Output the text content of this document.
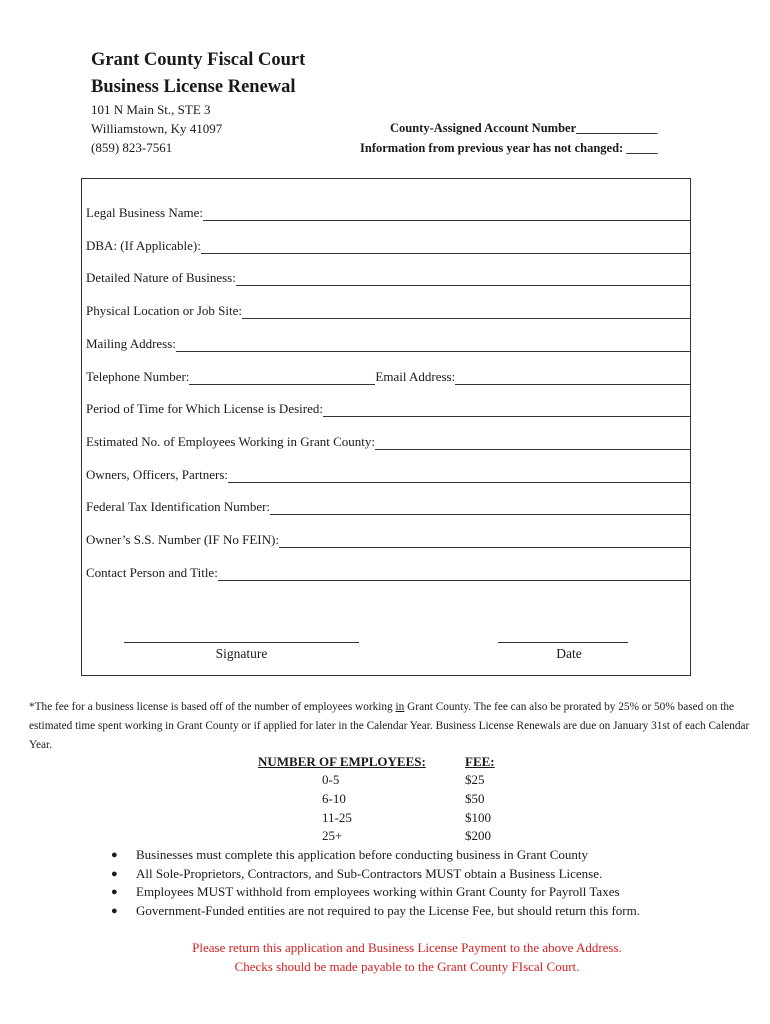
Grant County Fiscal Court
Business License Renewal
101 N Main St., STE 3
Williamstown, Ky 41097
(859) 823-7561
County-Assigned Account Number_____________
Information from previous year has not changed: _____
Legal Business Name:
DBA: (If Applicable):
Detailed Nature of Business:
Physical Location or Job Site:
Mailing Address:
Telephone Number:	Email Address:
Period of Time for Which License is Desired:
Estimated No. of Employees Working in Grant County:
Owners, Officers, Partners:
Federal Tax Identification Number:
Owner’s S.S. Number (IF No FEIN):
Contact Person and Title:
Signature	Date
*The fee for a business license is based off of the number of employees working in Grant County. The fee can also be prorated by 25% or 50% based on the estimated time spent working in Grant County or if applied for later in the Calendar Year. Business License Renewals are due on January 31st of each Calendar Year.
NUMBER OF EMPLOYEES:	FEE:
0-5	$25
6-10	$50
11-25	$100
25+	$200
●	Businesses must complete this application before conducting business in Grant County
●	All Sole-Proprietors, Contractors, and Sub-Contractors MUST obtain a Business License.
●	Employees MUST withhold from employees working within Grant County for Payroll Taxes
●	Government-Funded entities are not required to pay the License Fee, but should return this form.
Please return this application and Business License Payment to the above Address.
Checks should be made payable to the Grant County FIscal Court.
